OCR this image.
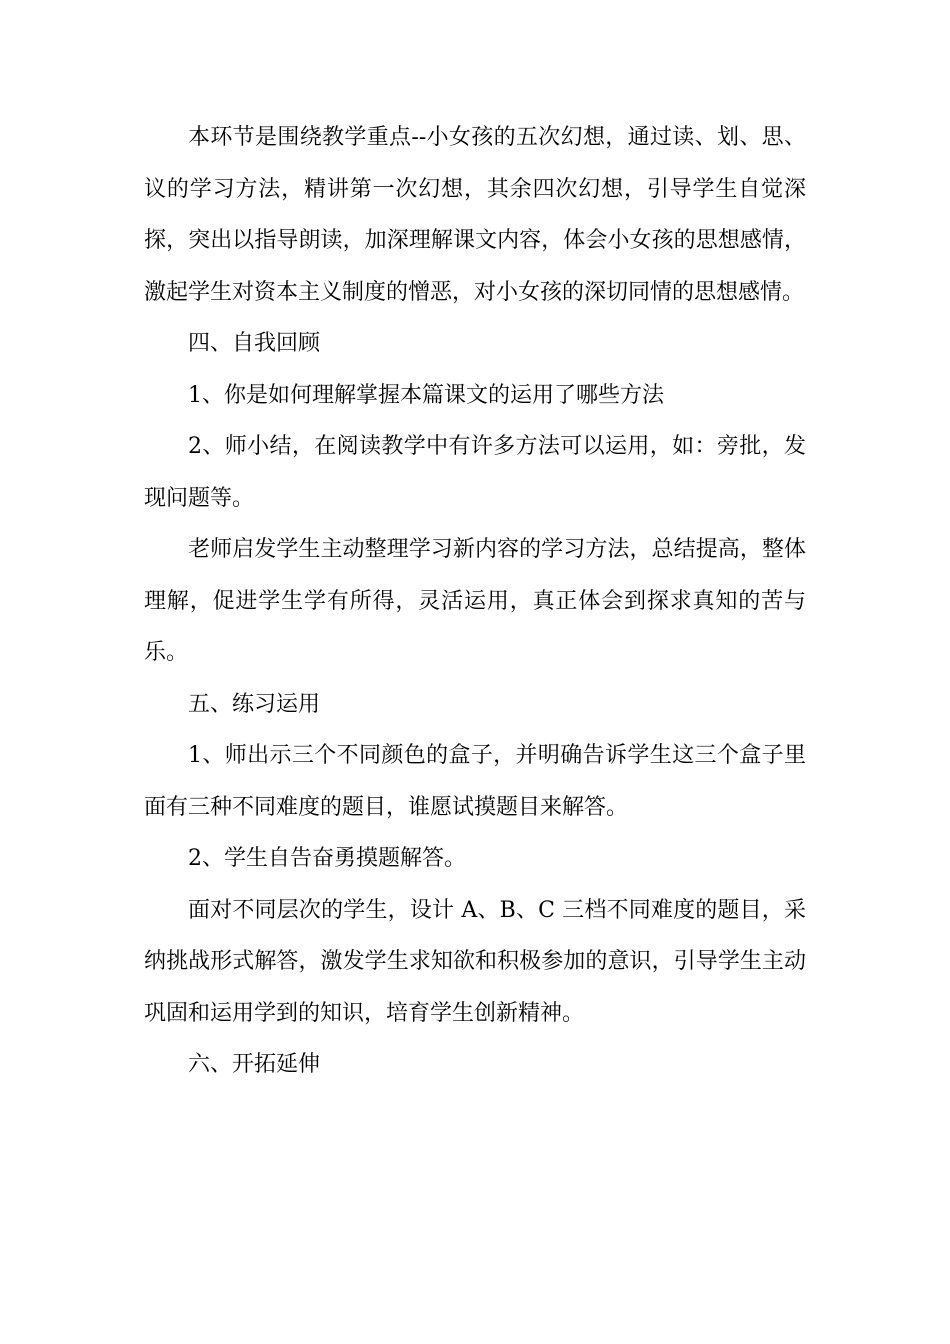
本环节是围绕教学重点--小女孩的五次幻想，通过读、划、思、议的学习方法，精讲第一次幻想，其余四次幻想，引导学生自觉深探，突出以指导朗读，加深理解课文内容，体会小女孩的思想感情，激起学生对资本主义制度的憎恶，对小女孩的深切同情的思想感情。

四、自我回顾

1、你是如何理解掌握本篇课文的运用了哪些方法

2、师小结，在阅读教学中有许多方法可以运用，如：旁批，发现问题等。

老师启发学生主动整理学习新内容的学习方法，总结提高，整体理解，促进学生学有所得，灵活运用，真正体会到探求真知的苦与乐。

五、练习运用

1、师出示三个不同颜色的盒子，并明确告诉学生这三个盒子里面有三种不同难度的题目，谁愿试摸题目来解答。

2、学生自告奋勇摸题解答。

面对不同层次的学生，设计 A、B、C 三档不同难度的题目，采纳挑战形式解答，激发学生求知欲和积极参加的意识，引导学生主动巩固和运用学到的知识，培育学生创新精神。

六、开拓延伸
